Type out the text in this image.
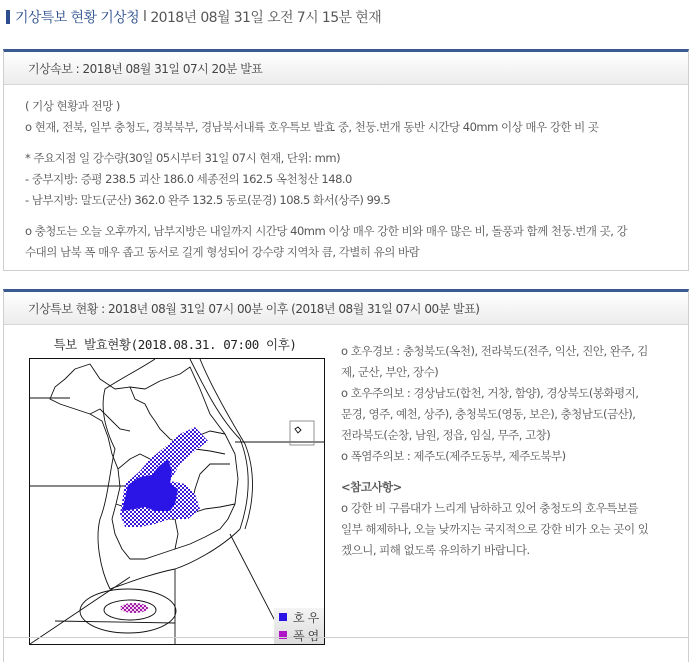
기상특보 현황 기상청 l 2018년 08월 31일 오전 7시 15분 현재
기상속보 : 2018년 08월 31일 07시 20분 발표
( 기상 현황과 전망 )
o 현재, 전북, 일부 충청도, 경북북부, 경남북서내륙 호우특보 발효 중, 천둥.번개 동반 시간당 40mm 이상 매우 강한 비 곳
* 주요지점 일 강수량(30일 05시부터 31일 07시 현재, 단위: mm)
- 중부지방: 증평 238.5 괴산 186.0 세종전의 162.5 옥천청산 148.0
- 남부지방: 말도(군산) 362.0 완주 132.5 동로(문경) 108.5 화서(상주) 99.5
o 충청도는 오늘 오후까지, 남부지방은 내일까지 시간당 40mm 이상 매우 강한 비와 매우 많은 비, 돌풍과 함께 천둥.번개 곳, 강
수대의 남북 폭 매우 좁고 동서로 길게 형성되어 강수량 지역차 큼, 각별히 유의 바람
기상특보 현황 : 2018년 08월 31일 07시 00분 이후 (2018년 08월 31일 07시 00분 발표)
특보 발효현황(2018.08.31. 07:00 이후)
호우
폭염
o 호우경보 : 충청북도(옥천), 전라북도(전주, 익산, 진안, 완주, 김
제, 군산, 부안, 장수)
o 호우주의보 : 경상남도(합천, 거창, 함양), 경상북도(봉화평지,
문경, 영주, 예천, 상주), 충청북도(영동, 보은), 충청남도(금산),
전라북도(순창, 남원, 정읍, 임실, 무주, 고창)
o 폭염주의보 : 제주도(제주도동부, 제주도북부)
<참고사항>
o 강한 비 구름대가 느리게 남하하고 있어 충청도의 호우특보를
일부 해제하나, 오늘 낮까지는 국지적으로 강한 비가 오는 곳이 있
겠으니, 피해 없도록 유의하기 바랍니다.
